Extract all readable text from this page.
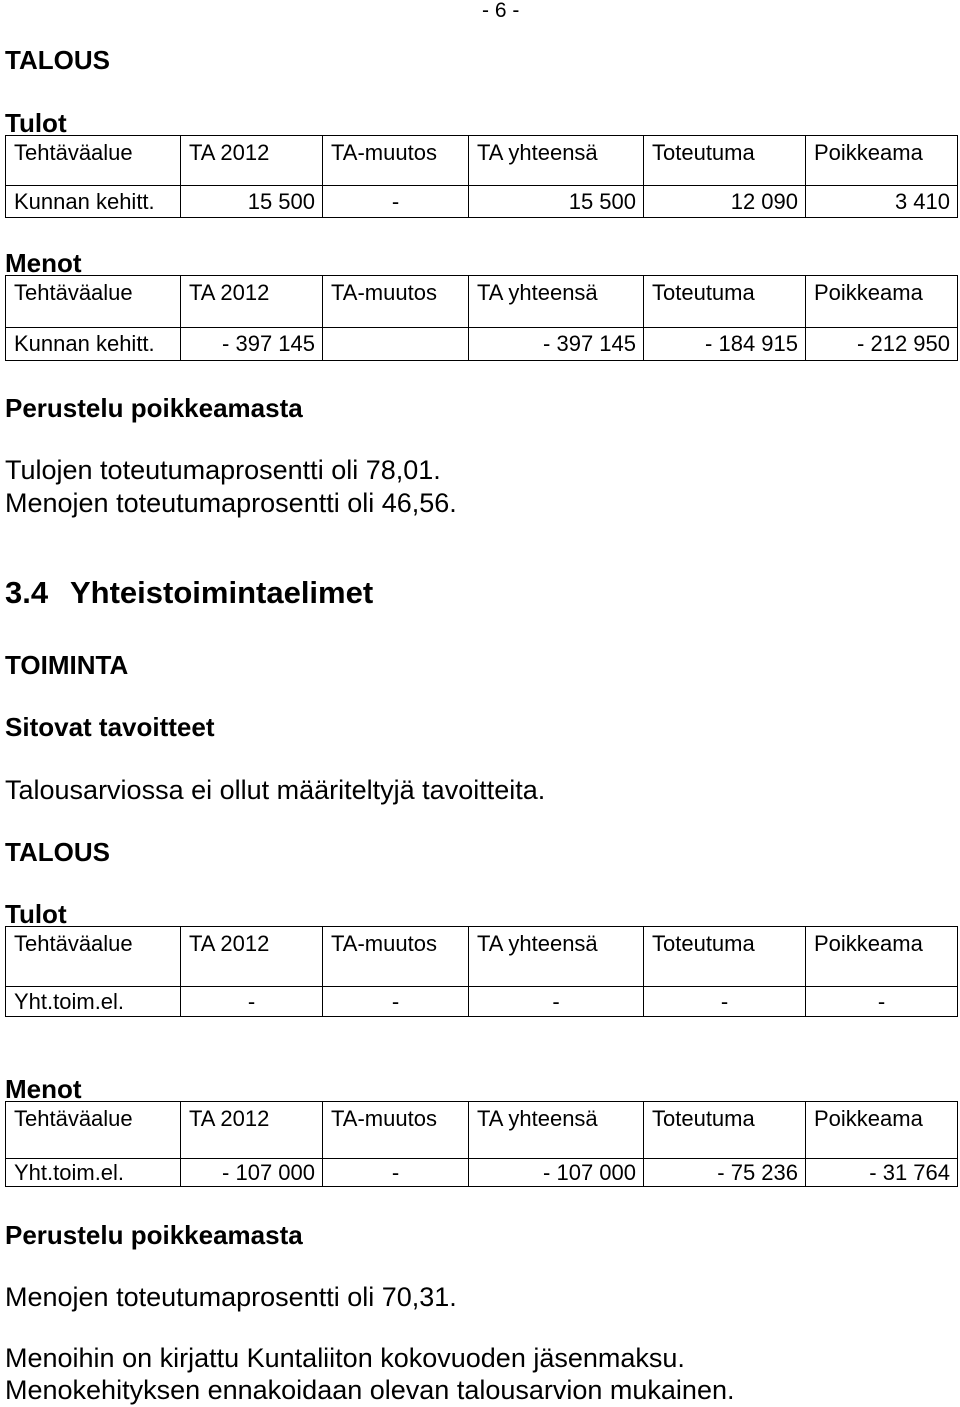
- 6 -
TALOUS
Tulot
Tehtäväalue	TA 2012	TA-muutos	TA yhteensä	Toteutuma	Poikkeama
Kunnan kehitt.	15 500	-	15 500	12 090	3 410
Menot
Tehtäväalue	TA 2012	TA-muutos	TA yhteensä	Toteutuma	Poikkeama
Kunnan kehitt.	- 397 145		- 397 145	- 184 915	- 212 950
Perustelu poikkeamasta
Tulojen toteutumaprosentti oli 78,01.
Menojen toteutumaprosentti oli 46,56.
3.4 Yhteistoimintaelimet
TOIMINTA
Sitovat tavoitteet
Talousarviossa ei ollut määriteltyjä tavoitteita.
TALOUS
Tulot
Tehtäväalue	TA 2012	TA-muutos	TA yhteensä	Toteutuma	Poikkeama
Yht.toim.el.	-	-	-	-	-
Menot
Tehtäväalue	TA 2012	TA-muutos	TA yhteensä	Toteutuma	Poikkeama
Yht.toim.el.	- 107 000	-	- 107 000	- 75 236	- 31 764
Perustelu poikkeamasta
Menojen toteutumaprosentti oli 70,31.
Menoihin on kirjattu Kuntaliiton kokovuoden jäsenmaksu.
Menokehityksen ennakoidaan olevan talousarvion mukainen.
